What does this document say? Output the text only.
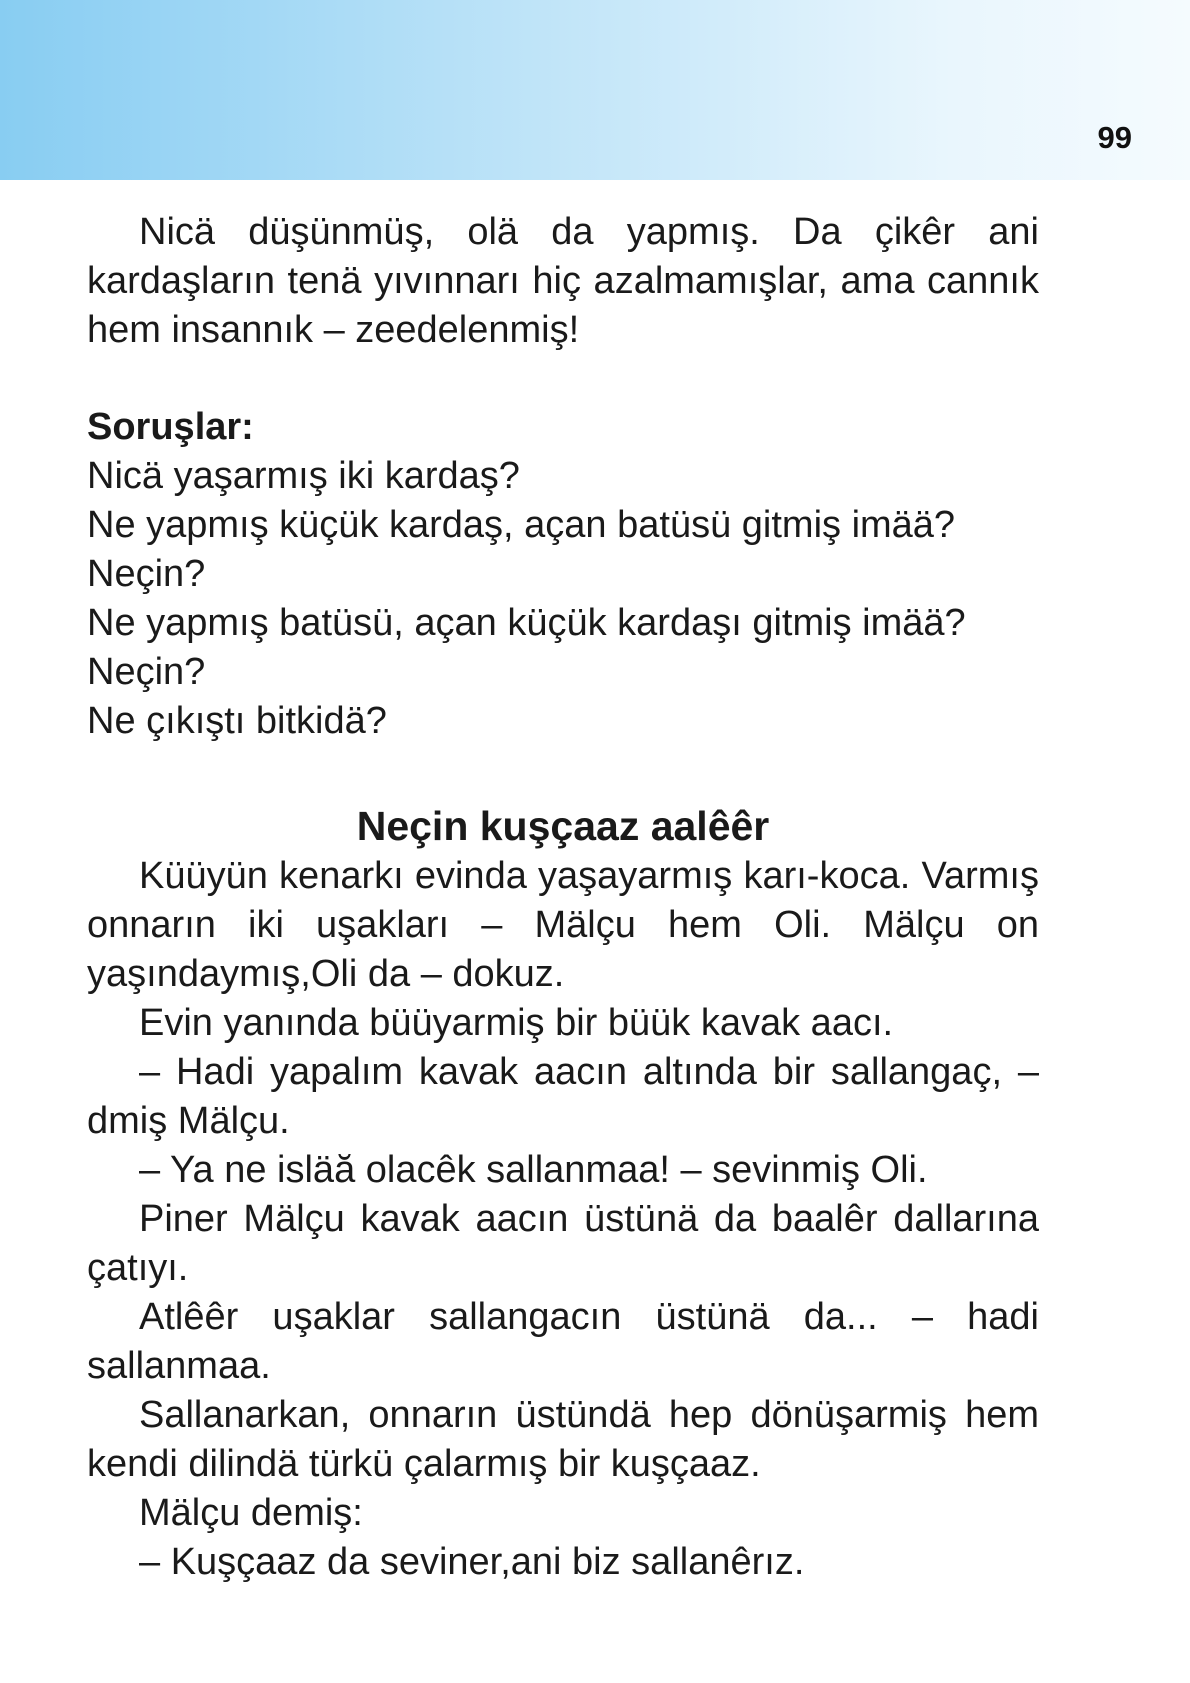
99

Nicä düşünmüş, olä da yapmış. Da çikêr ani kardaşların tenä yıvınnarı hiç azalmamışlar, ama cannık hem insannık – zeedelenmiş!

Soruşlar:

Nicä yaşarmış iki kardaş?

Ne yapmış küçük kardaş, açan batüsü gitmiş imää?

Neçin?

Ne yapmış batüsü, açan küçük kardaşı gitmiş imää?

Neçin?

Ne çıkıştı bitkidä?

Neçin kuşçaaz aalêêr

Küüyün kenarkı evinda yaşayarmış karı-koca. Varmış onnarın iki uşakları – Mälçu hem Oli. Mälçu on yaşındaymış,Oli da – dokuz.

Evin yanında büüyarmiş bir büük kavak aacı.

– Hadi yapalım kavak aacın altında bir sallangaç, – dmiş Mälçu.

– Ya ne isläă olacêk sallanmaa! – sevinmiş Oli.

Piner Mälçu kavak aacın üstünä da baalêr dallarına çatıyı.

Atlêêr uşaklar sallangacın üstünä da... – hadi sallanmaa.

Sallanarkan, onnarın üstündä hep dönüşarmiş hem kendi dilindä türkü çalarmış bir kuşçaaz.

Mälçu demiş:

– Kuşçaaz da seviner,ani biz sallanêrız.
